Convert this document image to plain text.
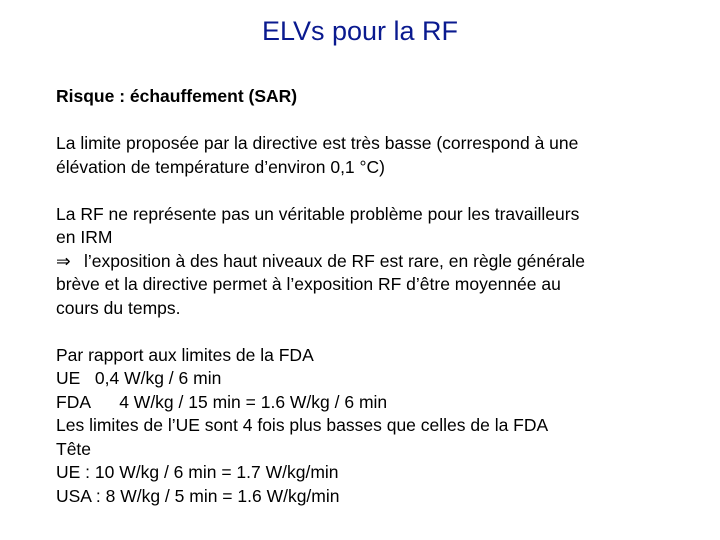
ELVs pour la RF
Risque : échauffement (SAR)
La limite proposée par la directive est très basse (correspond à une
élévation de température d’environ 0,1 °C)
La RF ne représente pas un véritable problème pour les travailleurs
en IRM
⇒ l’exposition à des haut niveaux de RF est rare, en règle générale
brève et la directive permet à l’exposition RF d’être moyennée au
cours du temps.
Par rapport aux limites de la FDA
UE   0,4 W/kg / 6 min
FDA      4 W/kg / 15 min = 1.6 W/kg / 6 min
Les limites de l’UE sont 4 fois plus basses que celles de la FDA
Tête
UE : 10 W/kg / 6 min = 1.7 W/kg/min
USA : 8 W/kg / 5 min = 1.6 W/kg/min
